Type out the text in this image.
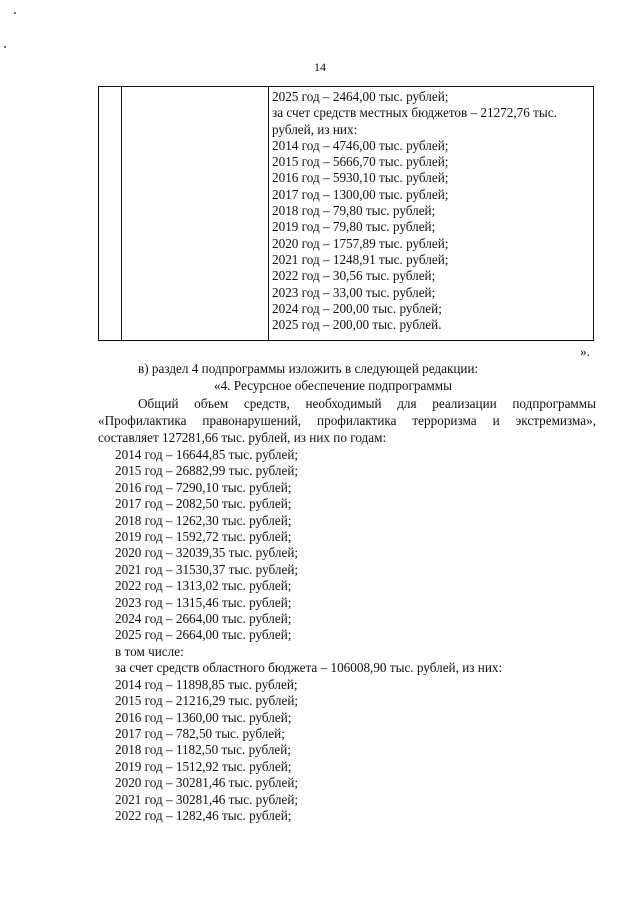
14
2025 год – 2464,00 тыс. рублей;
за счет средств местных бюджетов – 21272,76 тыс.
рублей, из них:
2014 год – 4746,00 тыс. рублей;
2015 год – 5666,70 тыс. рублей;
2016 год – 5930,10 тыс. рублей;
2017 год – 1300,00 тыс. рублей;
2018 год – 79,80 тыс. рублей;
2019 год – 79,80 тыс. рублей;
2020 год – 1757,89 тыс. рублей;
2021 год – 1248,91 тыс. рублей;
2022 год – 30,56 тыс. рублей;
2023 год – 33,00 тыс. рублей;
2024 год – 200,00 тыс. рублей;
2025 год – 200,00 тыс. рублей.
».
в) раздел 4 подпрограммы изложить в следующей редакции:
«4. Ресурсное обеспечение подпрограммы
Общий объем средств, необходимый для реализации подпрограммы
«Профилактика правонарушений, профилактика терроризма и экстремизма»,
составляет 127281,66 тыс. рублей, из них по годам:
2014 год – 16644,85 тыс. рублей;
2015 год – 26882,99 тыс. рублей;
2016 год – 7290,10 тыс. рублей;
2017 год – 2082,50 тыс. рублей;
2018 год – 1262,30 тыс. рублей;
2019 год – 1592,72 тыс. рублей;
2020 год – 32039,35 тыс. рублей;
2021 год – 31530,37 тыс. рублей;
2022 год – 1313,02 тыс. рублей;
2023 год – 1315,46 тыс. рублей;
2024 год – 2664,00 тыс. рублей;
2025 год – 2664,00 тыс. рублей;
в том числе:
за счет средств областного бюджета – 106008,90 тыс. рублей, из них:
2014 год – 11898,85 тыс. рублей;
2015 год – 21216,29 тыс. рублей;
2016 год – 1360,00 тыс. рублей;
2017 год – 782,50 тыс. рублей;
2018 год – 1182,50 тыс. рублей;
2019 год – 1512,92 тыс. рублей;
2020 год – 30281,46 тыс. рублей;
2021 год – 30281,46 тыс. рублей;
2022 год – 1282,46 тыс. рублей;
